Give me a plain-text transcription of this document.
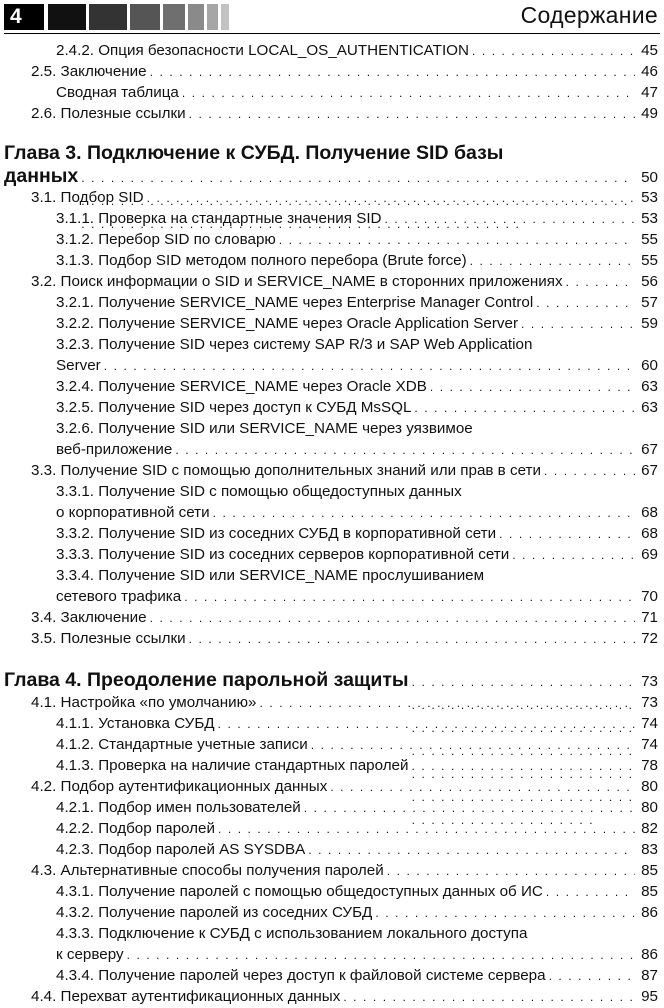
4	Содержание
2.4.2. Опция безопасности LOCAL_OS_AUTHENTICATION . . .	45
2.5. Заключение . . .	46
Сводная таблица . . .	47
2.6. Полезные ссылки . . .	49
Глава 3. Подключение к СУБД. Получение SID базы
данных . . .	50
3.1. Подбор SID . . .	53
3.1.1. Проверка на стандартные значения SID . . .	53
3.1.2. Перебор SID по словарю . . .	55
3.1.3. Подбор SID методом полного перебора (Brute force) . . .	55
3.2. Поиск информации о SID и SERVICE_NAME в сторонних приложениях . . .	56
3.2.1. Получение SERVICE_NAME через Enterprise Manager Control . . .	57
3.2.2. Получение SERVICE_NAME через Oracle Application Server . . .	59
3.2.3. Получение SID через систему SAP R/3 и SAP Web Application
Server . . .	60
3.2.4. Получение SERVICE_NAME через Oracle XDB . . .	63
3.2.5. Получение SID через доступ к СУБД MsSQL . . .	63
3.2.6. Получение SID или SERVICE_NAME через уязвимое
веб-приложение . . .	67
3.3. Получение SID с помощью дополнительных знаний или прав в сети . . .	67
3.3.1. Получение SID с помощью общедоступных данных
о корпоративной сети . . .	68
3.3.2. Получение SID из соседних СУБД в корпоративной сети . . .	68
3.3.3. Получение SID из соседних серверов корпоративной сети . . .	69
3.3.4. Получение SID или SERVICE_NAME прослушиванием
сетевого трафика . . .	70
3.4. Заключение . . .	71
3.5. Полезные ссылки . . .	72
Глава 4. Преодоление парольной защиты . . .	73
4.1. Настройка «по умолчанию» . . .	73
4.1.1. Установка СУБД . . .	74
4.1.2. Стандартные учетные записи . . .	74
4.1.3. Проверка на наличие стандартных паролей . . .	78
4.2. Подбор аутентификационных данных . . .	80
4.2.1. Подбор имен пользователей . . .	80
4.2.2. Подбор паролей . . .	82
4.2.3. Подбор паролей AS SYSDBA . . .	83
4.3. Альтернативные способы получения паролей . . .	85
4.3.1. Получение паролей с помощью общедоступных данных об ИС . . .	85
4.3.2. Получение паролей из соседних СУБД . . .	86
4.3.3. Подключение к СУБД с использованием локального доступа
к серверу . . .	86
4.3.4. Получение паролей через доступ к файловой системе сервера . . .	87
4.4. Перехват аутентификационных данных . . .	95
